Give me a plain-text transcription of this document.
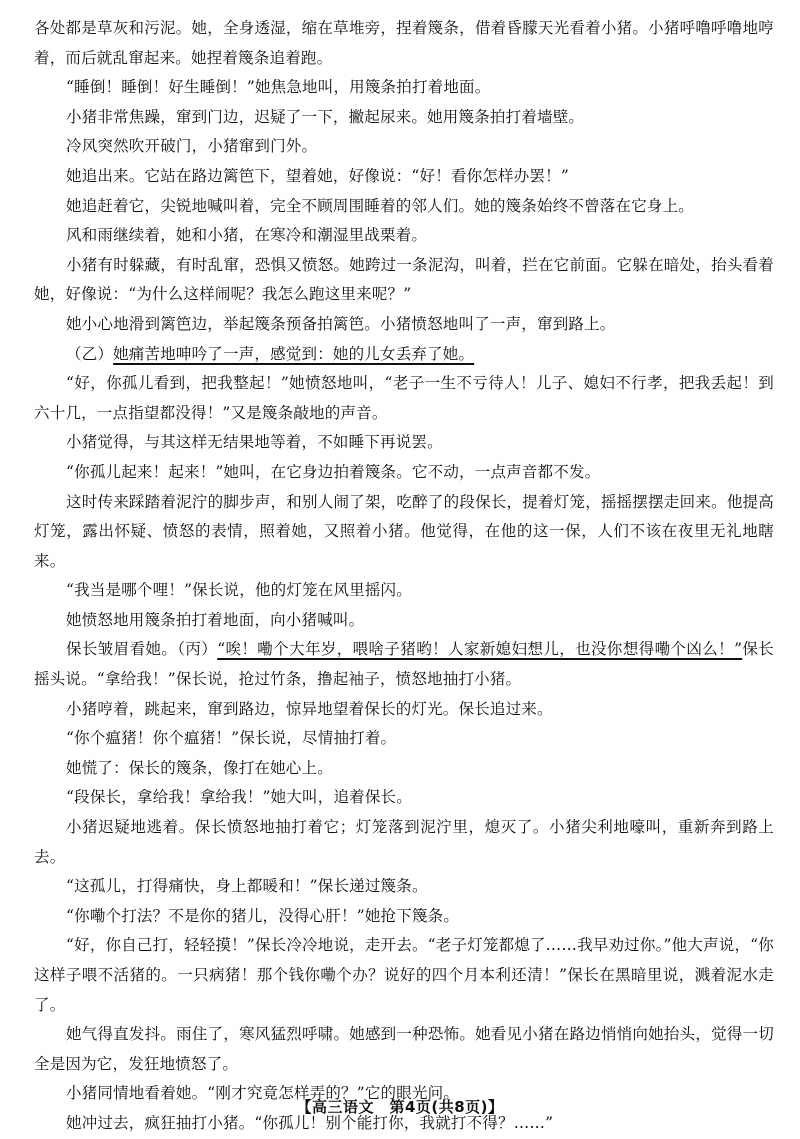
各处都是草灰和污泥。她，全身透湿，缩在草堆旁，捏着篾条，借着昏朦天光看着小猪。小猪呼噜呼噜地哼着，而后就乱窜起来。她捏着篾条追着跑。

“睡倒！睡倒！好生睡倒！”她焦急地叫，用篾条拍打着地面。

小猪非常焦躁，窜到门边，迟疑了一下，撇起尿来。她用篾条拍打着墙壁。

冷风突然吹开破门，小猪窜到门外。

她追出来。它站在路边篱笆下，望着她，好像说：“好！看你怎样办罢！”

她追赶着它，尖锐地喊叫着，完全不顾周围睡着的邻人们。她的篾条始终不曾落在它身上。

风和雨继续着，她和小猪，在寒冷和潮湿里战栗着。

小猪有时躲藏，有时乱窜，恐惧又愤怒。她跨过一条泥沟，叫着，拦在它前面。它躲在暗处，抬头看着她，好像说：“为什么这样闹呢？我怎么跑这里来呢？”

她小心地滑到篱笆边，举起篾条预备拍篱笆。小猪愤怒地叫了一声，窜到路上。

（乙）她痛苦地呻吟了一声，感觉到：她的儿女丢弃了她。

“好，你孤儿看到，把我整起！”她愤怒地叫，“老子一生不亏待人！儿子、媳妇不行孝，把我丢起！到六十几，一点指望都没得！”又是篾条敲地的声音。

小猪觉得，与其这样无结果地等着，不如睡下再说罢。

“你孤儿起来！起来！”她叫，在它身边拍着篾条。它不动，一点声音都不发。

这时传来踩踏着泥泞的脚步声，和别人闹了架，吃醉了的段保长，提着灯笼，摇摇摆摆走回来。他提高灯笼，露出怀疑、愤怒的表情，照着她，又照着小猪。他觉得，在他的这一保，人们不该在夜里无礼地瞎来。

“我当是哪个哩！”保长说，他的灯笼在风里摇闪。

她愤怒地用篾条拍打着地面，向小猪喊叫。

保长皱眉看她。（丙）“唉！嘞个大年岁，喂啥子猪哟！人家新媳妇想儿，也没你想得嘞个凶么！”保长摇头说。“拿给我！”保长说，抢过竹条，撸起袖子，愤怒地抽打小猪。

小猪哼着，跳起来，窜到路边，惊异地望着保长的灯光。保长追过来。

“你个瘟猪！你个瘟猪！”保长说，尽情抽打着。

她慌了：保长的篾条，像打在她心上。

“段保长，拿给我！拿给我！”她大叫，追着保长。

小猪迟疑地逃着。保长愤怒地抽打着它；灯笼落到泥泞里，熄灭了。小猪尖利地嚎叫，重新奔到路上去。

“这孤儿，打得痛快，身上都暖和！”保长递过篾条。

“你嘞个打法？不是你的猪儿，没得心肝！”她抢下篾条。

“好，你自己打，轻轻摸！”保长冷冷地说，走开去。“老子灯笼都熄了……我早劝过你。”他大声说，“你这样子喂不活猪的。一只病猪！那个钱你嘞个办？说好的四个月本利还清！”保长在黑暗里说，溅着泥水走了。

她气得直发抖。雨住了，寒风猛烈呼啸。她感到一种恐怖。她看见小猪在路边悄悄向她抬头，觉得一切全是因为它，发狂地愤怒了。

小猪同情地看着她。“刚才究竟怎样弄的？”它的眼光问。

她冲过去，疯狂抽打小猪。“你孤儿！别个能打你，我就打不得？……”

【高三语文　第4页(共8页)】
